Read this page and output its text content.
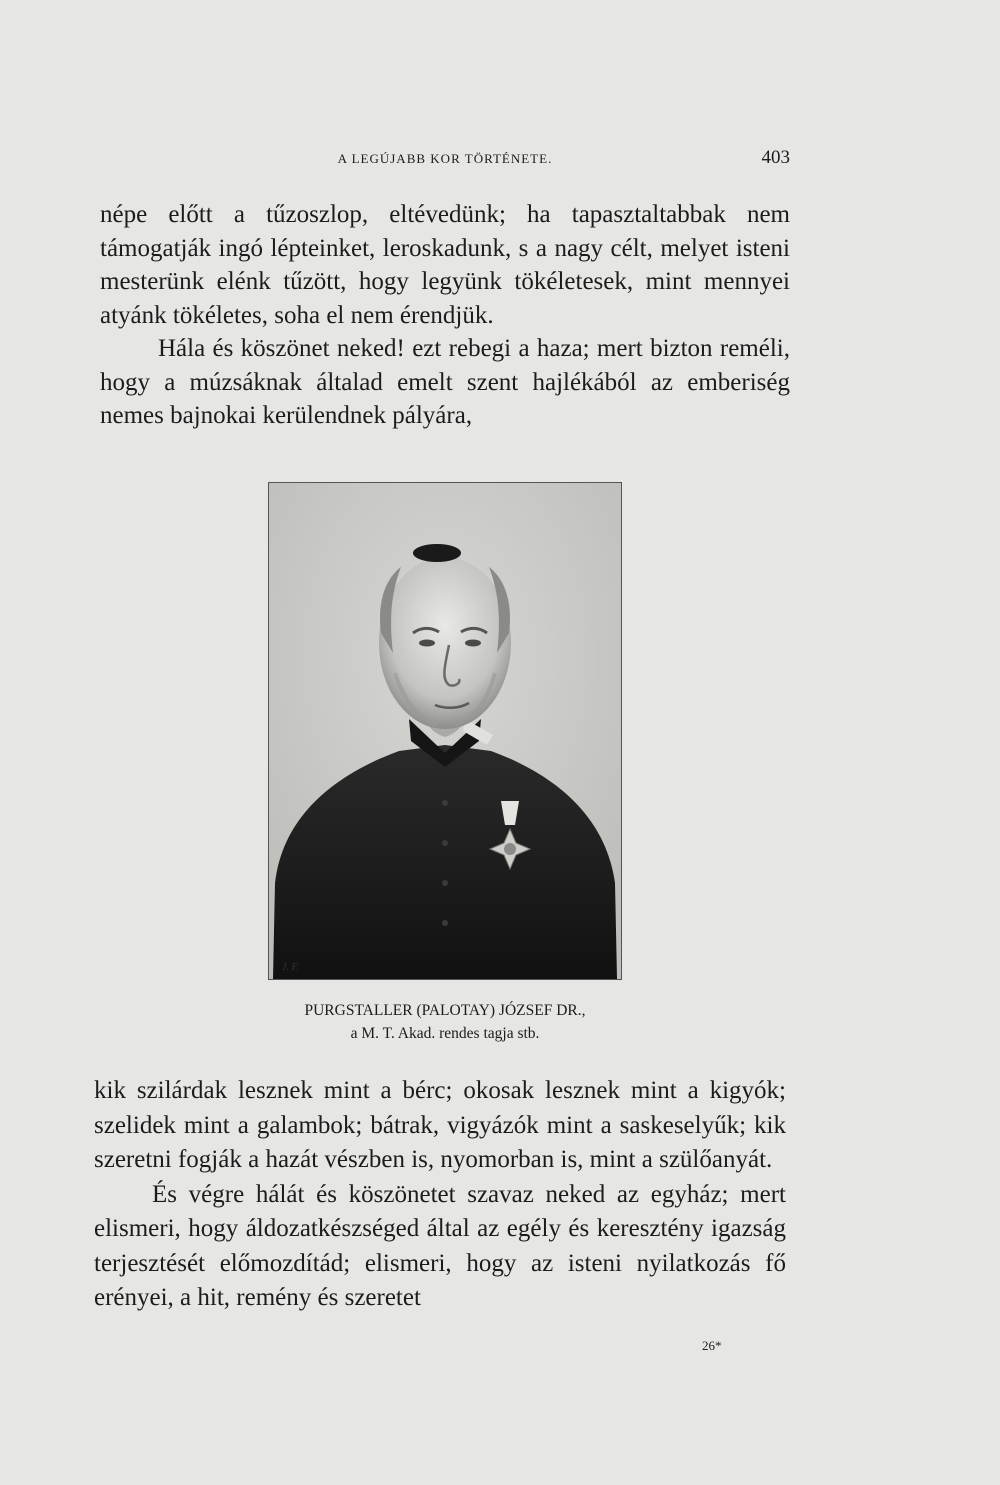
A LEGÚJABB KOR TÖRTÉNETE.	403

népe előtt a tűzoszlop, eltévedünk; ha tapasztaltabbak nem támogatják ingó lépteinket, leroskadunk, s a nagy célt, melyet isteni mesterünk elénk tűzött, hogy legyünk tökéletesek, mint mennyei atyánk tökéletes, soha el nem érendjük.

Hála és köszönet neked! ezt rebegi a haza; mert bizton reméli, hogy a múzsáknak általad emelt szent hajlékából az emberiség nemes bajnokai kerülendnek pályára,

J. F.
PURGSTALLER (PALOTAY) JÓZSEF DR.,
a M. T. Akad. rendes tagja stb.

kik szilárdak lesznek mint a bérc; okosak lesznek mint a kigyók; szelidek mint a galambok; bátrak, vigyázók mint a saskeselyűk; kik szeretni fogják a hazát vészben is, nyomorban is, mint a szülőanyát.

És végre hálát és köszönetet szavaz neked az egyház; mert elismeri, hogy áldozatkészséged által az egély és keresztény igazság terjesztését előmozdítád; elismeri, hogy az isteni nyilatkozás fő erényei, a hit, remény és szeretet

26*
